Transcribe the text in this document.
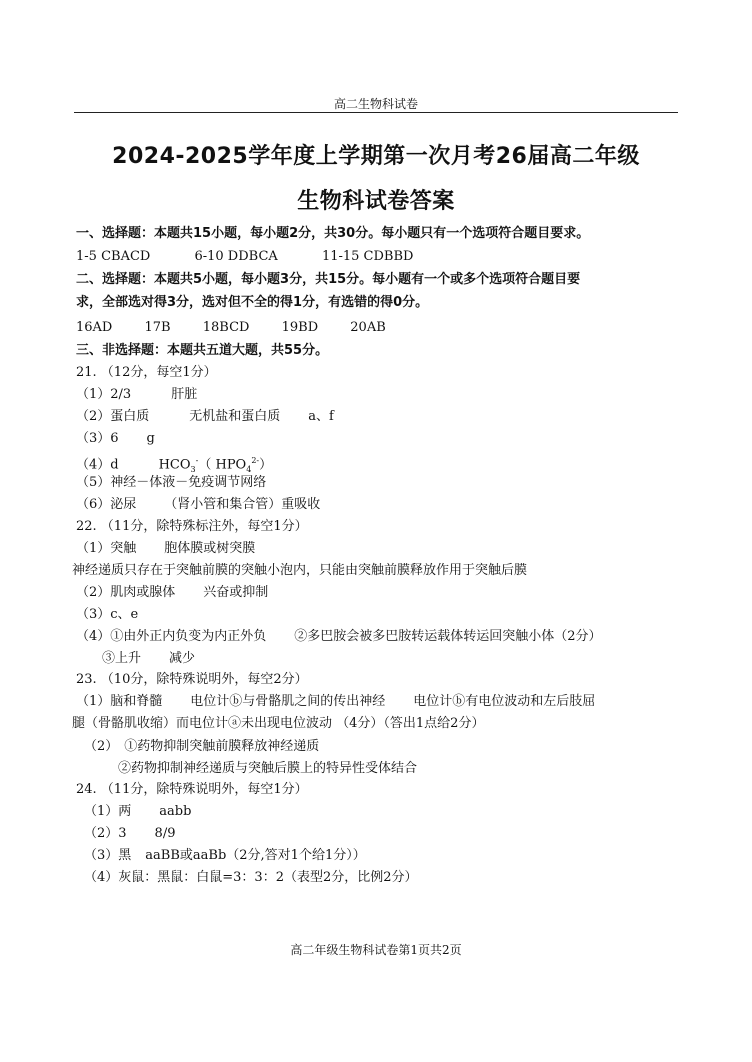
高二生物科试卷
2024-2025学年度上学期第一次月考26届高二年级
生物科试卷答案
一、选择题：本题共15小题，每小题2分，共30分。每小题只有一个选项符合题目要求。
1-5 CBACD	6-10 DDBCA	11-15 CDBBD
二、选择题：本题共5小题，每小题3分，共15分。每小题有一个或多个选项符合题目要
求，全部选对得3分，选对但不全的得1分，有选错的得0分。
16AD 17B 18BCD 19BD 20AB
三、非选择题：本题共五道大题，共55分。
21. （12分，每空1分）
（1）2/3	肝脏
（2）蛋白质	无机盐和蛋白质 a、f
（3）6 g
（4）d	$HCO_3^-$（ $HPO_4^{2-}$）
（5）神经－体液－免疫调节网络
（6）泌尿 （肾小管和集合管）重吸收
22. （11分，除特殊标注外，每空1分）
（1）突触 胞体膜或树突膜
神经递质只存在于突触前膜的突触小泡内，只能由突触前膜释放作用于突触后膜
（2）肌肉或腺体 兴奋或抑制
（3）c、e
（4）①由外正内负变为内正外负 ②多巴胺会被多巴胺转运载体转运回突触小体（2分）
③上升 减少
23. （10分，除特殊说明外，每空2分）
（1）脑和脊髓 电位计ⓑ与骨骼肌之间的传出神经 电位计ⓑ有电位波动和左后肢屈
腿（骨骼肌收缩）而电位计ⓐ未出现电位波动 （4分）（答出1点给2分）
（2） ①药物抑制突触前膜释放神经递质
②药物抑制神经递质与突触后膜上的特异性受体结合
24. （11分，除特殊说明外，每空1分）
（1）两 aabb
（2）3 8/9
（3）黑 aaBB或aaBb（2分,答对1个给1分））
（4）灰鼠：黑鼠：白鼠=3：3：2（表型2分，比例2分）
高二年级生物科试卷第1页共2页
